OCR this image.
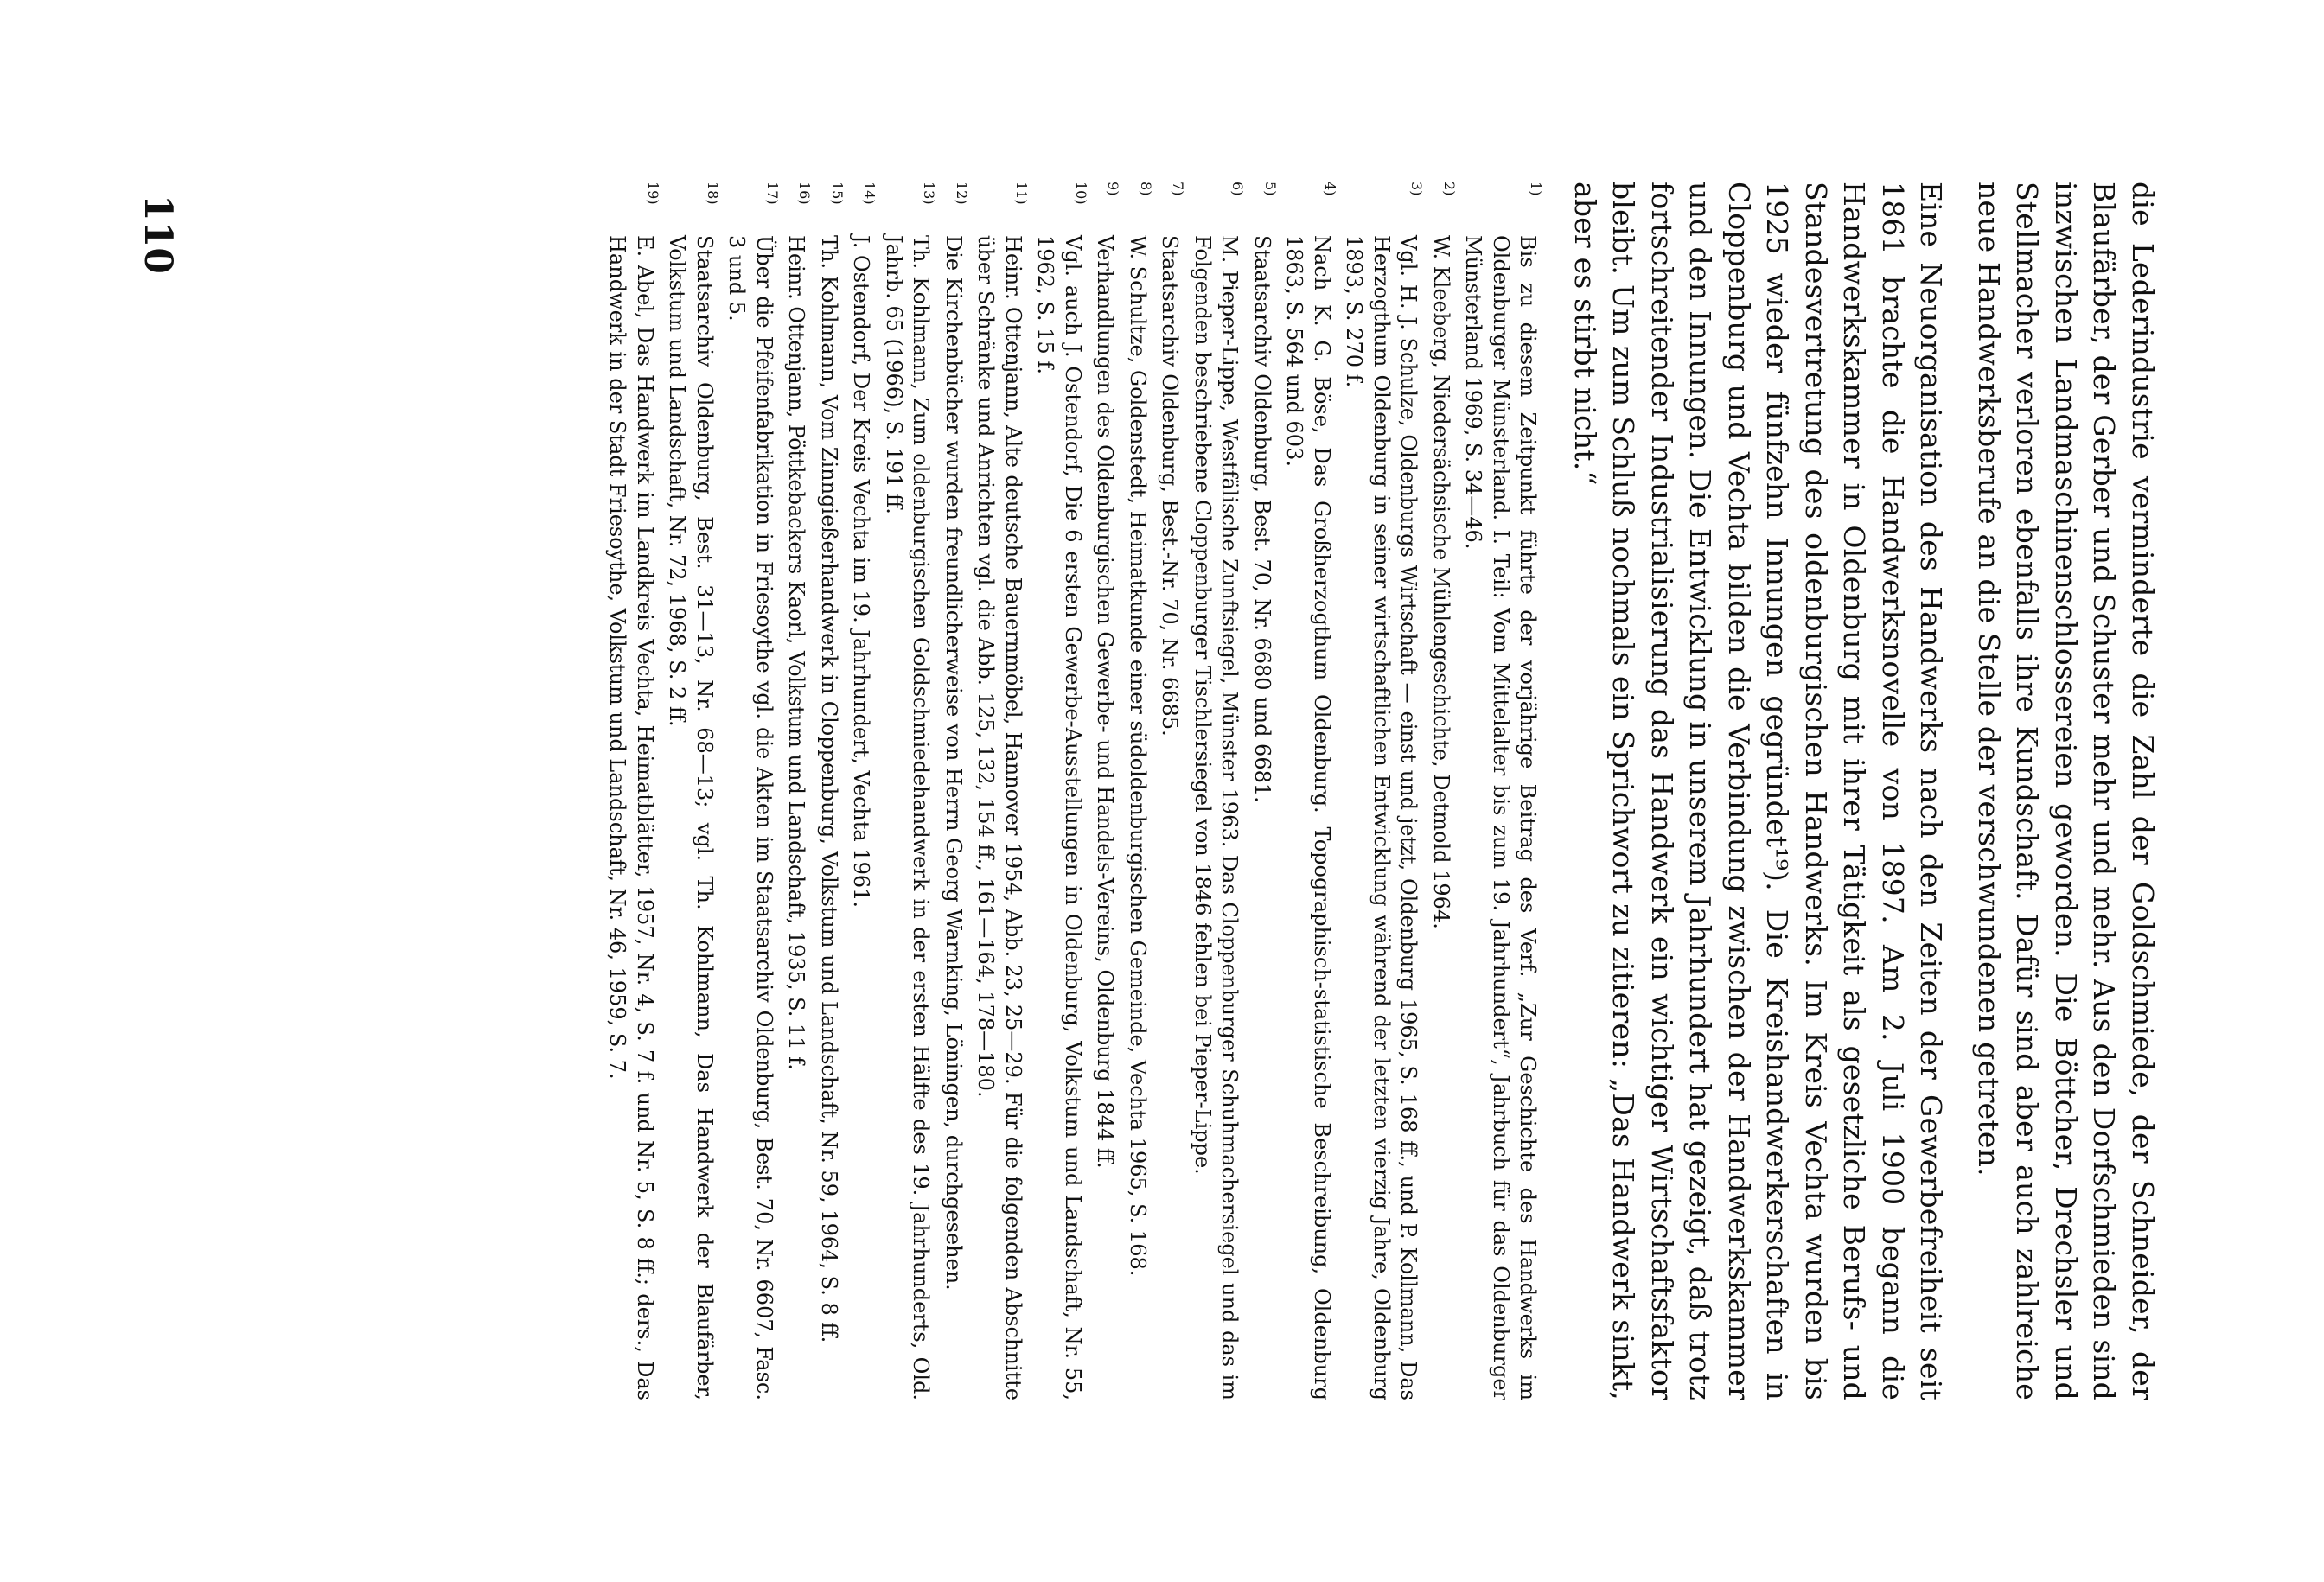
die Lederindustrie verminderte die Zahl der Goldschmiede, der Schneider, der Blaufärber, der Gerber und Schuster mehr und mehr. Aus den Dorfschmieden sind inzwischen Landmaschinenschlossereien geworden. Die Böttcher, Drechsler und Stellmacher verloren ebenfalls ihre Kundschaft. Dafür sind aber auch zahlreiche neue Handwerksberufe an die Stelle der verschwundenen getreten.

Eine Neuorganisation des Handwerks nach den Zeiten der Gewerbefreiheit seit 1861 brachte die Handwerksnovelle von 1897. Am 2. Juli 1900 begann die Handwerkskammer in Oldenburg mit ihrer Tätigkeit als gesetzliche Berufs- und Standesvertretung des oldenburgischen Handwerks. Im Kreis Vechta wurden bis 1925 wieder fünfzehn Innungen gegründet¹⁹). Die Kreishandwerkerschaften in Cloppenburg und Vechta bilden die Verbindung zwischen der Handwerkskammer und den Innungen. Die Entwicklung in unserem Jahrhundert hat gezeigt, daß trotz fortschreitender Industrialisierung das Handwerk ein wichtiger Wirtschaftsfaktor bleibt. Um zum Schluß nochmals ein Sprichwort zu zitieren: „Das Handwerk sinkt, aber es stirbt nicht.“

1 )
Bis zu diesem Zeitpunkt führte der vorjährige Beitrag des Verf. „Zur Geschichte des Handwerks im Oldenburger Münsterland. I. Teil: Vom Mittelalter bis zum 19. Jahrhundert“, Jahrbuch für das Oldenburger Münsterland 1969, S. 34—46.

2 )
W. Kleeberg, Niedersächsische Mühlengeschichte, Detmold 1964.

3 )
Vgl. H. J. Schulze, Oldenburgs Wirtschaft — einst und jetzt, Oldenburg 1965, S. 168 ff., und P. Kollmann, Das Herzogthum Oldenburg in seiner wirtschaftlichen Entwicklung während der letzten vierzig Jahre, Oldenburg 1893, S. 270 f.

4 )
Nach K. G. Böse, Das Großherzogthum Oldenburg. Topographisch-statistische Beschreibung, Oldenburg 1863, S. 564 und 603.

5 )
Staatsarchiv Oldenburg, Best. 70, Nr. 6680 und 6681.

6 )
M. Pieper-Lippe, Westfälische Zunftsiegel, Münster 1963. Das Cloppenburger Schuhmachersiegel und das im Folgenden beschriebene Cloppenburger Tischlersiegel von 1846 fehlen bei Pieper-Lippe.

7 )
Staatsarchiv Oldenburg, Best.-Nr. 70, Nr. 6685.

8 )
W. Schultze, Goldenstedt, Heimatkunde einer südoldenburgischen Gemeinde, Vechta 1965, S. 168.

9 )
Verhandlungen des Oldenburgischen Gewerbe- und Handels-Vereins, Oldenburg 1844 ff.

10 )
Vgl. auch J. Ostendorf, Die 6 ersten Gewerbe-Ausstellungen in Oldenburg, Volkstum und Landschaft, Nr. 55, 1962, S. 15 f.

11 )
Heinr. Ottenjann, Alte deutsche Bauernmöbel, Hannover 1954, Abb. 23, 25—29. Für die folgenden Abschnitte über Schränke und Anrichten vgl. die Abb. 125, 132, 154 ff., 161—164, 178—180.

12 )
Die Kirchenbücher wurden freundlicherweise von Herrn Georg Warnking, Löningen, durchgesehen.

13 )
Th. Kohlmann, Zum oldenburgischen Goldschmiedehandwerk in der ersten Hälfte des 19. Jahrhunderts, Old. Jahrb. 65 (1966), S. 191 ff.

14 )
J. Ostendorf, Der Kreis Vechta im 19. Jahrhundert, Vechta 1961.

15 )
Th. Kohlmann, Vom Zinngießerhandwerk in Cloppenburg, Volkstum und Landschaft, Nr. 59, 1964, S. 8 ff.

16 )
Heinr. Ottenjann, Pöttkebackers Kaorl, Volkstum und Landschaft, 1935, S. 11 f.

17 )
Über die Pfeifenfabrikation in Friesoythe vgl. die Akten im Staatsarchiv Oldenburg, Best. 70, Nr. 6607, Fasc. 3 und 5.

18 )
Staatsarchiv Oldenburg, Best. 31—13, Nr. 68—13; vgl. Th. Kohlmann, Das Handwerk der Blaufärber, Volkstum und Landschaft, Nr. 72, 1968, S. 2 ff.

19 )
E. Abel, Das Handwerk im Landkreis Vechta, Heimatblätter, 1957, Nr. 4, S. 7 f. und Nr. 5, S. 8 ff.; ders., Das Handwerk in der Stadt Friesoythe, Volkstum und Landschaft, Nr. 46, 1959, S. 7.

110
